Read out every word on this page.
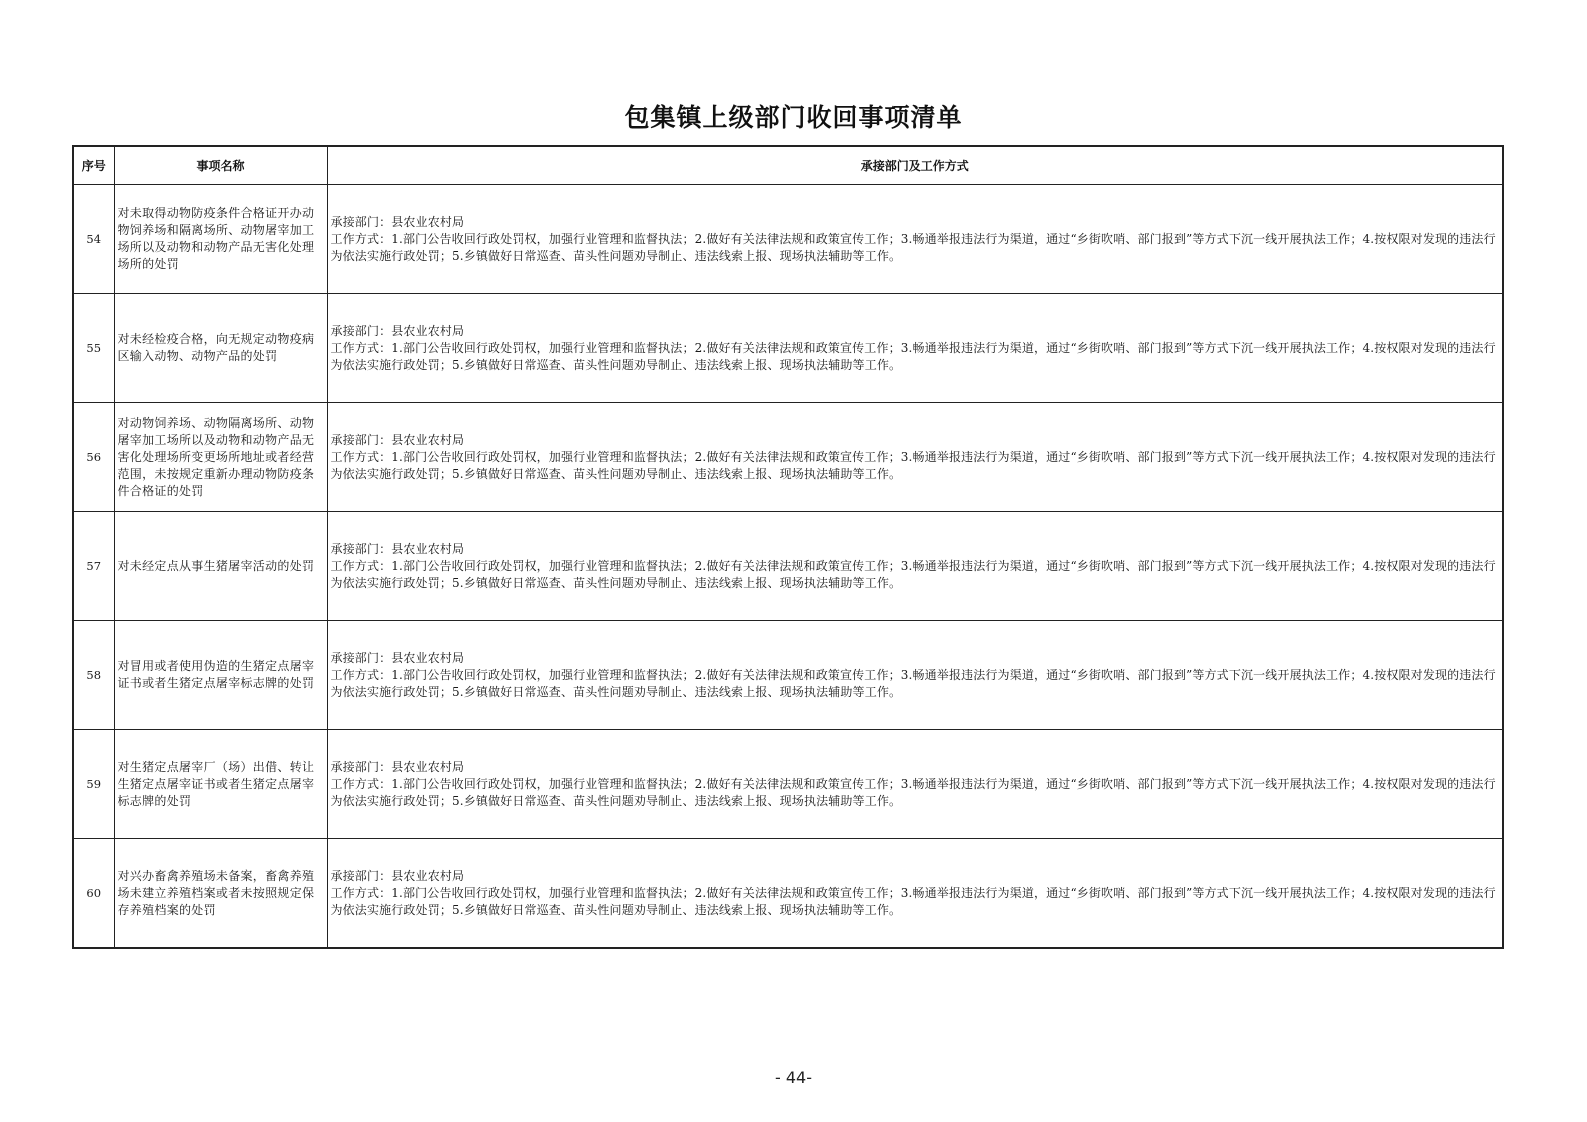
包集镇上级部门收回事项清单
序号	事项名称	承接部门及工作方式
54	对未取得动物防疫条件合格证开办动物饲养场和隔离场所、动物屠宰加工场所以及动物和动物产品无害化处理场所的处罚	承接部门：县农业农村局
工作方式：1.部门公告收回行政处罚权，加强行业管理和监督执法；2.做好有关法律法规和政策宣传工作；3.畅通举报违法行为渠道，通过“乡街吹哨、部门报到”等方式下沉一线开展执法工作；4.按权限对发现的违法行为依法实施行政处罚；5.乡镇做好日常巡查、苗头性问题劝导制止、违法线索上报、现场执法辅助等工作。

55	对未经检疫合格，向无规定动物疫病区输入动物、动物产品的处罚	承接部门：县农业农村局
工作方式：1.部门公告收回行政处罚权，加强行业管理和监督执法；2.做好有关法律法规和政策宣传工作；3.畅通举报违法行为渠道，通过“乡街吹哨、部门报到”等方式下沉一线开展执法工作；4.按权限对发现的违法行为依法实施行政处罚；5.乡镇做好日常巡查、苗头性问题劝导制止、违法线索上报、现场执法辅助等工作。

56	对动物饲养场、动物隔离场所、动物屠宰加工场所以及动物和动物产品无害化处理场所变更场所地址或者经营范围，未按规定重新办理动物防疫条件合格证的处罚	承接部门：县农业农村局
工作方式：1.部门公告收回行政处罚权，加强行业管理和监督执法；2.做好有关法律法规和政策宣传工作；3.畅通举报违法行为渠道，通过“乡街吹哨、部门报到”等方式下沉一线开展执法工作；4.按权限对发现的违法行为依法实施行政处罚；5.乡镇做好日常巡查、苗头性问题劝导制止、违法线索上报、现场执法辅助等工作。

57	对未经定点从事生猪屠宰活动的处罚	承接部门：县农业农村局
工作方式：1.部门公告收回行政处罚权，加强行业管理和监督执法；2.做好有关法律法规和政策宣传工作；3.畅通举报违法行为渠道，通过“乡街吹哨、部门报到”等方式下沉一线开展执法工作；4.按权限对发现的违法行为依法实施行政处罚；5.乡镇做好日常巡查、苗头性问题劝导制止、违法线索上报、现场执法辅助等工作。

58	对冒用或者使用伪造的生猪定点屠宰证书或者生猪定点屠宰标志牌的处罚	承接部门：县农业农村局
工作方式：1.部门公告收回行政处罚权，加强行业管理和监督执法；2.做好有关法律法规和政策宣传工作；3.畅通举报违法行为渠道，通过“乡街吹哨、部门报到”等方式下沉一线开展执法工作；4.按权限对发现的违法行为依法实施行政处罚；5.乡镇做好日常巡查、苗头性问题劝导制止、违法线索上报、现场执法辅助等工作。

59	对生猪定点屠宰厂（场）出借、转让生猪定点屠宰证书或者生猪定点屠宰标志牌的处罚	承接部门：县农业农村局
工作方式：1.部门公告收回行政处罚权，加强行业管理和监督执法；2.做好有关法律法规和政策宣传工作；3.畅通举报违法行为渠道，通过“乡街吹哨、部门报到”等方式下沉一线开展执法工作；4.按权限对发现的违法行为依法实施行政处罚；5.乡镇做好日常巡查、苗头性问题劝导制止、违法线索上报、现场执法辅助等工作。

60	对兴办畜禽养殖场未备案，畜禽养殖场未建立养殖档案或者未按照规定保存养殖档案的处罚	承接部门：县农业农村局
工作方式：1.部门公告收回行政处罚权，加强行业管理和监督执法；2.做好有关法律法规和政策宣传工作；3.畅通举报违法行为渠道，通过“乡街吹哨、部门报到”等方式下沉一线开展执法工作；4.按权限对发现的违法行为依法实施行政处罚；5.乡镇做好日常巡查、苗头性问题劝导制止、违法线索上报、现场执法辅助等工作。
- 44-
